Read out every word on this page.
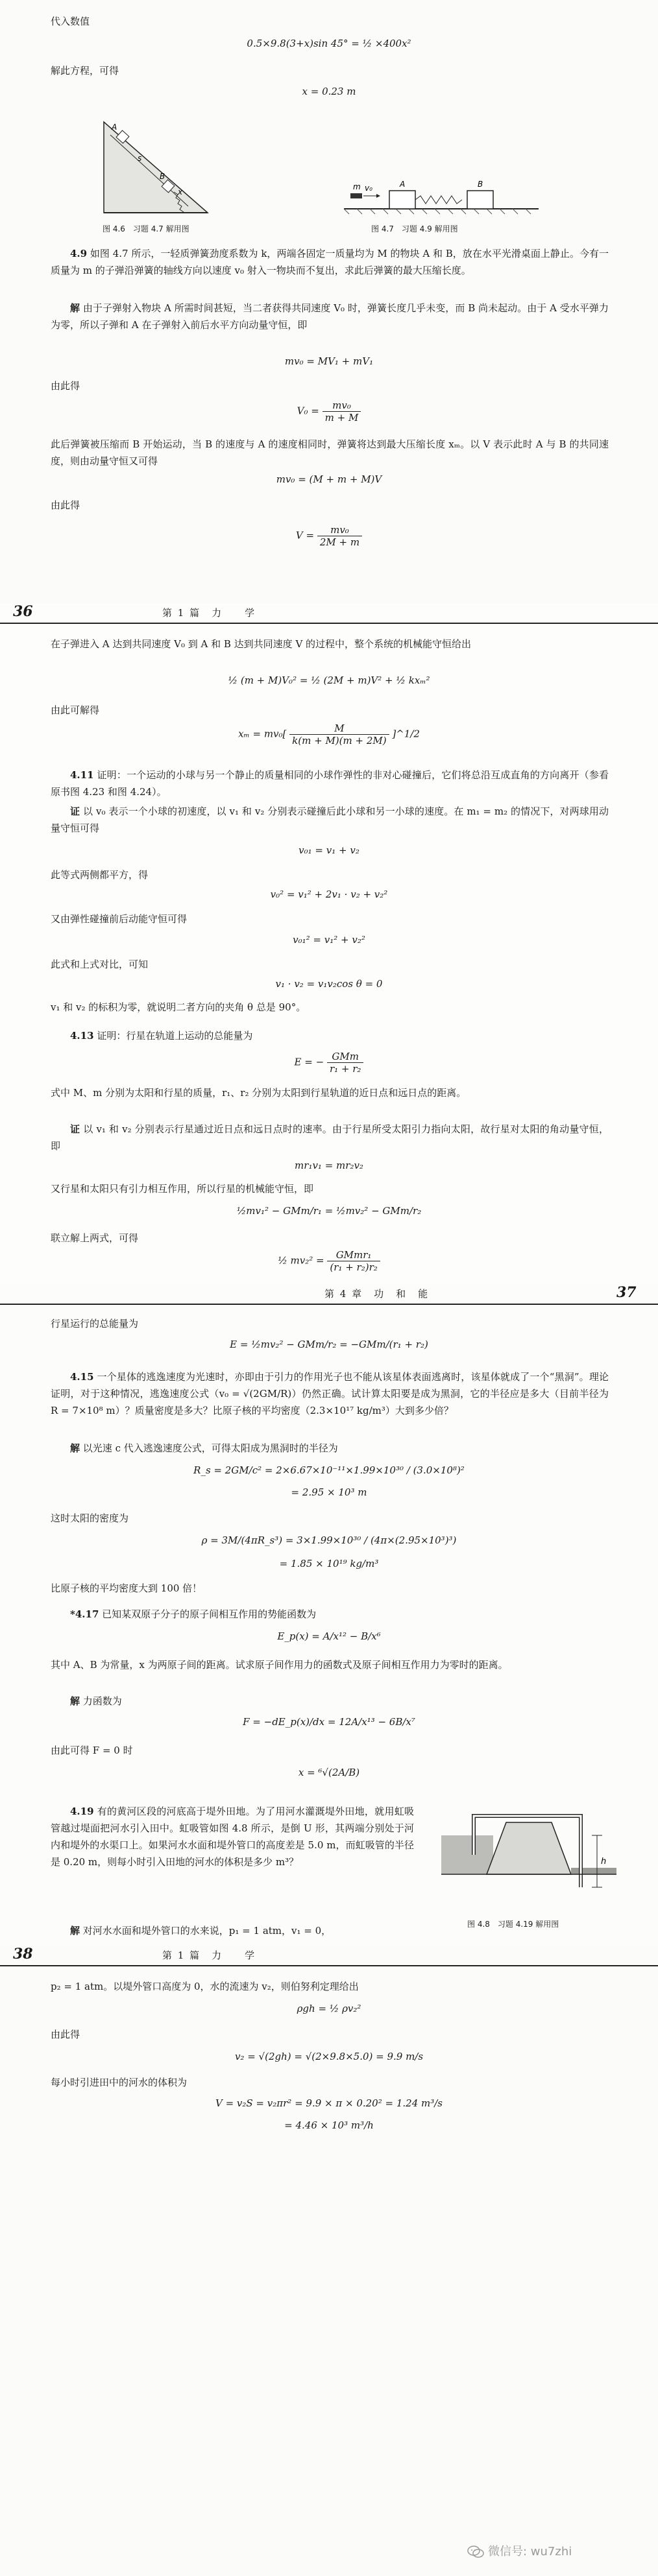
代入数值
0.5×9.8(3+x)sin 45° = ½ ×400x²
解此方程，可得
x = 0.23 m
A
B
s
x
图 4.6　习题 4.7 解用图
m v₀	A	B
图 4.7　习题 4.9 解用图
4.9 如图 4.7 所示，一轻质弹簧劲度系数为 k，两端各固定一质量均为 M 的物块 A 和 B，放在水平光滑桌面上静止。今有一质量为 m 的子弹沿弹簧的轴线方向以速度 v₀ 射入一物块而不复出，求此后弹簧的最大压缩长度。
解 由于子弹射入物块 A 所需时间甚短，当二者获得共同速度 V₀ 时，弹簧长度几乎未变，而 B 尚未起动。由于 A 受水平弹力为零，所以子弹和 A 在子弹射入前后水平方向动量守恒，即
mv₀ = MV₁ + mV₁
由此得
$V_0 = \frac{\text{mv₀}}{m + M}$
此后弹簧被压缩而 B 开始运动，当 B 的速度与 A 的速度相同时，弹簧将达到最大压缩长度 xₘ。以 V 表示此时 A 与 B 的共同速度，则由动量守恒又可得
mv₀ = (M + m + M)V
由此得
$V = \frac{\text{mv₀}}{2M + m}$
36	第 1 篇　力　　学
在子弹进入 A 达到共同速度 V₀ 到 A 和 B 达到共同速度 V 的过程中，整个系统的机械能守恒给出
½ (m + M)V₀² = ½ (2M + m)V² + ½ kxₘ²
由此可解得
$x_m = mv_0[ \frac{M}{k(m + M)(m + 2M)}$ ]^1/2
4.11 证明：一个运动的小球与另一个静止的质量相同的小球作弹性的非对心碰撞后，它们将总沿互成直角的方向离开（参看原书图 4.23 和图 4.24）。
证 以 v₀ 表示一个小球的初速度，以 v₁ 和 v₂ 分别表示碰撞后此小球和另一小球的速度。在 m₁ = m₂ 的情况下，对两球用动量守恒可得
v₀₁ = v₁ + v₂
此等式两侧都平方，得
v₀² = v₁² + 2v₁ · v₂ + v₂²
又由弹性碰撞前后动能守恒可得
v₀₁² = v₁² + v₂²
此式和上式对比，可知
v₁ · v₂ = v₁v₂cos θ = 0
v₁ 和 v₂ 的标积为零，就说明二者方向的夹角 θ 总是 90°。
4.13 证明：行星在轨道上运动的总能量为
E = − GMm
r₁ + r₂
式中 M、m 分别为太阳和行星的质量，r₁、r₂ 分别为太阳到行星轨道的近日点和远日点的距离。
证 以 v₁ 和 v₂ 分别表示行星通过近日点和远日点时的速率。由于行星所受太阳引力指向太阳，故行星对太阳的角动量守恒，即
mr₁v₁ = mr₂v₂
又行星和太阳只有引力相互作用，所以行星的机械能守恒，即
½mv₁² − GMm/r₁ = ½mv₂² − GMm/r₂
联立解上两式，可得
½ mv₂² =	GMmr₁
(r₁ + r₂)r₂
第 4 章　功　和　能	37
行星运行的总能量为
E = ½mv₂² − GMm/r₂ = −GMm/(r₁ + r₂)
4.15 一个星体的逃逸速度为光速时，亦即由于引力的作用光子也不能从该星体表面逃离时，该星体就成了一个“黑洞”。理论证明，对于这种情况，逃逸速度公式（v₀ = √(2GM/R)）仍然正确。试计算太阳要是成为黑洞，它的半径应是多大（目前半径为 R = 7×10⁸ m）？质量密度是多大？比原子核的平均密度（2.3×10¹⁷ kg/m³）大到多少倍？
解 以光速 c 代入逃逸速度公式，可得太阳成为黑洞时的半径为
R_s = 2GM/c² = 2×6.67×10⁻¹¹×1.99×10³⁰ / (3.0×10⁸)²
= 2.95 × 10³ m
这时太阳的密度为
ρ = 3M/(4πR_s³) = 3×1.99×10³⁰ / (4π×(2.95×10³)³)
= 1.85 × 10¹⁹ kg/m³
比原子核的平均密度大到 100 倍！
*4.17 已知某双原子分子的原子间相互作用的势能函数为
E_p(x) = A/x¹² − B/x⁶
其中 A、B 为常量，x 为两原子间的距离。试求原子间作用力的函数式及原子间相互作用力为零时的距离。
解 力函数为
F = −dE_p(x)/dx = 12A/x¹³ − 6B/x⁷
由此可得 F = 0 时
x = ⁶√(2A/B)
4.19 有的黄河区段的河底高于堤外田地。为了用河水灌溉堤外田地，就用虹吸管越过堤面把河水引入田中。虹吸管如图 4.8 所示，是倒 U 形，其两端分别处于河内和堤外的水渠口上。如果河水水面和堤外管口的高度差是 5.0 m，而虹吸管的半径是 0.20 m，则每小时引入田地的河水的体积是多少 m³？
解 对河水水面和堤外管口的水来说，p₁ = 1 atm，v₁ = 0，
h
图 4.8　习题 4.19 解用图
38	第 1 篇　力　　学
p₂ = 1 atm。以堤外管口高度为 0，水的流速为 v₂，则伯努利定理给出
ρgh = ½ ρv₂²
由此得
v₂ = √(2gh) = √(2×9.8×5.0) = 9.9 m/s
每小时引进田中的河水的体积为
V = v₂S = v₂πr² = 9.9 × π × 0.20² = 1.24 m³/s
= 4.46 × 10³ m³/h
微信号: wu7zhi
